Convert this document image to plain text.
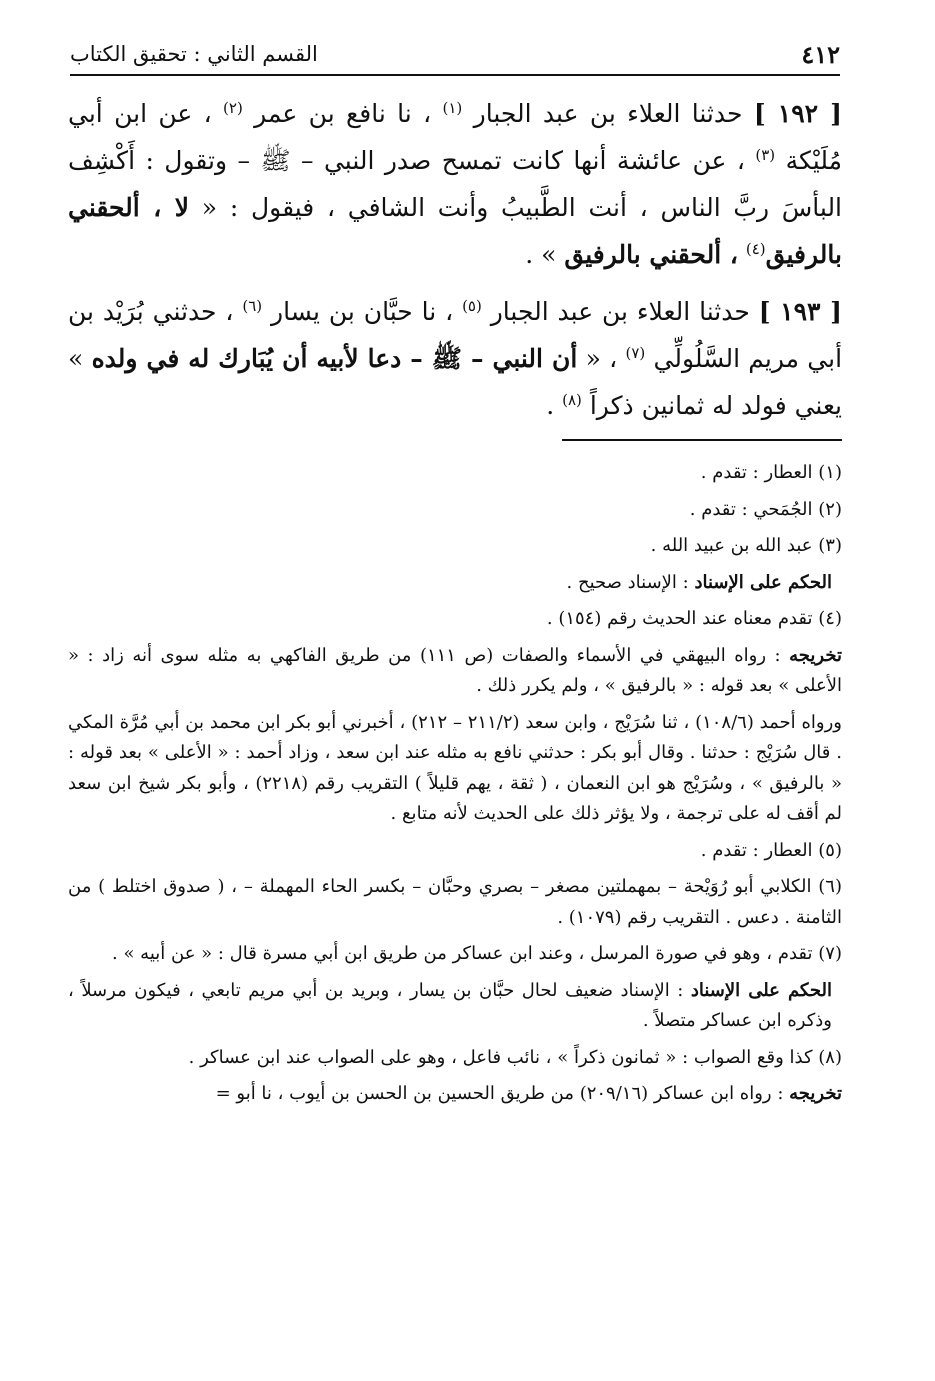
٤١٢
القسم الثاني : تحقيق الكتاب

[ ١٩٢ ] حدثنا العلاء بن عبد الجبار $^{(١)}$ ، نا نافع بن عمر $^{(٢)}$ ، عن ابن أبي مُلَيْكة $^{(٣)}$ ، عن عائشة أنها كانت تمسح صدر النبي – ﷺ – وتقول : أَكْشِف البأسَ ربَّ الناس ، أنت الطَّبيبُ وأنت الشافي ، فيقول : « لا ، ألحقني بالرفيق$^{(٤)}$ ، ألحقني بالرفيق » .

[ ١٩٣ ] حدثنا العلاء بن عبد الجبار $^{(٥)}$ ، نا حبَّان بن يسار $^{(٦)}$ ، حدثني بُرَيْد بن أبي مريم السَّلُولِّي $^{(٧)}$ ، « أن النبي – ﷺ – دعا لأبيه أن يُبَارك له في ولده » يعني فولد له ثمانين ذكراً $^{(٨)}$ .

(١) العطار : تقدم .

(٢) الجُمَحي : تقدم .

(٣) عبد الله بن عبيد الله .

الحكم على الإسناد : الإسناد صحيح .

(٤) تقدم معناه عند الحديث رقم (١٥٤) .

تخريجه : رواه البيهقي في الأسماء والصفات (ص ١١١) من طريق الفاكهي به مثله سوى أنه زاد : « الأعلى » بعد قوله : « بالرفيق » ، ولم يكرر ذلك .

ورواه أحمد (١٠٨/٦) ، ثنا سُرَيْج ، وابن سعد (٢١١/٢ – ٢١٢) ، أخبرني أبو بكر ابن محمد بن أبي مُرَّة المكي . قال سُرَيْج : حدثنا . وقال أبو بكر : حدثني نافع به مثله عند ابن سعد ، وزاد أحمد : « الأعلى » بعد قوله : « بالرفيق » ، وسُرَيْج هو ابن النعمان ، ( ثقة ، يهم قليلاً ) التقريب رقم (٢٢١٨) ، وأبو بكر شيخ ابن سعد لم أقف له على ترجمة ، ولا يؤثر ذلك على الحديث لأنه متابع .

(٥) العطار : تقدم .

(٦) الكلابي أبو رُوَيْحة – بمهملتين مصغر – بصري وحبَّان – بكسر الحاء المهملة – ، ( صدوق اختلط ) من الثامنة . دعس . التقريب رقم (١٠٧٩) .

(٧) تقدم ، وهو في صورة المرسل ، وعند ابن عساكر من طريق ابن أبي مسرة قال : « عن أبيه » .

الحكم على الإسناد : الإسناد ضعيف لحال حبَّان بن يسار ، وبريد بن أبي مريم تابعي ، فيكون مرسلاً ، وذكره ابن عساكر متصلاً .

(٨) كذا وقع الصواب : « ثمانون ذكراً » ، نائب فاعل ، وهو على الصواب عند ابن عساكر .

تخريجه : رواه ابن عساكر (٢٠٩/١٦) من طريق الحسين بن الحسن بن أيوب ، نا أبو =
